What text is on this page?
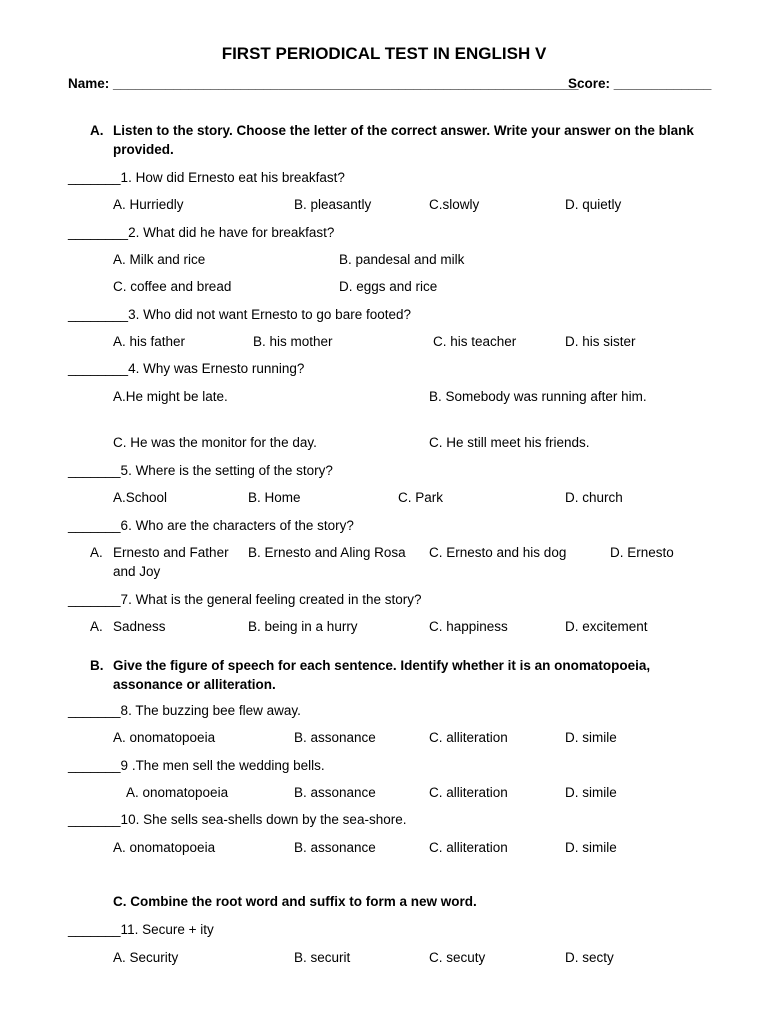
FIRST PERIODICAL TEST IN ENGLISH V
Name: ______________________________________________________________
Score: _____________
A. Listen to the story. Choose the letter of the correct answer. Write your answer on the blank provided.
_______1. How did Ernesto eat his breakfast?
A. Hurriedly	B. pleasantly	C.slowly	D. quietly
________2. What did he have for breakfast?
A. Milk and rice	B. pandesal and milk
C. coffee and bread	D. eggs and rice
________3. Who did not want Ernesto to go bare footed?
A. his father	B. his mother	C. his teacher	D. his sister
________4. Why was Ernesto running?
A.He might be late.	B. Somebody was running after him.
C. He was the monitor for the day.	C. He still meet his friends.
_______5. Where is the setting of the story?
A.School	B. Home	C. Park	D. church
_______6. Who are the characters of the story?
A. Ernesto and Father B. Ernesto and Aling Rosa C. Ernesto and his dog	D. Ernesto
and Joy
_______7. What is the general feeling created in the story?
A. Sadness	B. being in a hurry	C. happiness	D. excitement
B. Give the figure of speech for each sentence. Identify whether it is an onomatopoeia, assonance or alliteration.
_______8. The buzzing bee flew away.
A. onomatopoeia	B. assonance	C. alliteration	D. simile
_______9 .The men sell the wedding bells.
A. onomatopoeia	B. assonance	C. alliteration	D. simile
_______10. She sells sea-shells down by the sea-shore.
A. onomatopoeia	B. assonance	C. alliteration	D. simile
C. Combine the root word and suffix to form a new word.
_______11. Secure + ity
A. Security	B. securit	C. secuty	D. secty
